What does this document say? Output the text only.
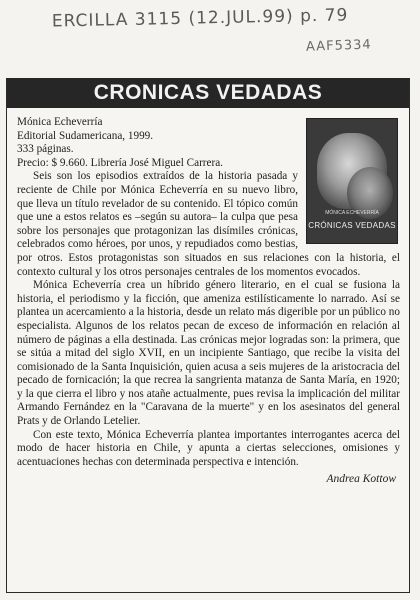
ERCILLA 3115 (12.JUL.99) p. 79
AAF5334
CRONICAS VEDADAS
MÓNICA ECHEVERRÍA
CRÓNICAS VEDADAS
Mónica Echeverría
Editorial Sudamericana, 1999.
333 páginas.
Precio: $ 9.660. Librería José Miguel Carrera.

Seis son los episodios extraídos de la historia pasada y reciente de Chile por Mónica Echeverría en su nuevo libro, que lleva un título revelador de su contenido. El tópico común que une a estos relatos es –según su autora– la culpa que pesa sobre los personajes que protagonizan las disímiles crónicas, celebrados como héroes, por unos, y repudiados como bestias, por otros. Estos protagonistas son situados en sus relaciones con la historia, el contexto cultural y los otros personajes centrales de los momentos evocados.

Mónica Echeverría crea un híbrido género literario, en el cual se fusiona la historia, el periodismo y la ficción, que amenizа estilísticamente lo narrado. Así se plantea un acercamiento a la historia, desde un relato más digerible por un público no especialista. Algunos de los relatos pecan de exceso de información en relación al número de páginas a ella destinada. Las crónicas mejor logradas son: la primera, que se sitúa a mitad del siglo XVII, en un incipiente Santiago, que recibe la visita del comisionado de la Santa Inquisición, quien acusa a seis mujeres de la aristocracia del pecado de fornicación; la que recrea la sangrienta matanza de Santa María, en 1920; y la que cierra el libro y nos atañe actualmente, pues revisa la implicación del militar Armando Fernández en la "Caravana de la muerte" y en los asesinatos del general Prats y de Orlando Letelier.

Con este texto, Mónica Echeverría plantea importantes interrogantes acerca del modo de hacer historia en Chile, y apunta a ciertas selecciones, omisiones y acentuaciones hechas con determinada perspectiva e intención.

Andrea Kottow
